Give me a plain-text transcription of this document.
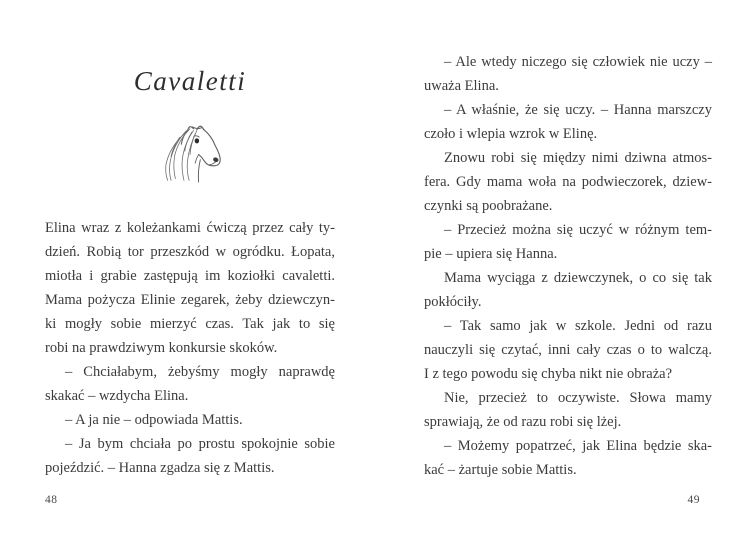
Cavaletti
Elina wraz z koleżankami ćwiczą przez cały ty-
dzień. Robią tor przeszkód w ogródku. Łopata,
miotła i grabie zastępują im koziołki cavaletti.
Mama pożycza Elinie zegarek, żeby dziewczyn-
ki mogły sobie mierzyć czas. Tak jak to się
robi na prawdziwym konkursie skoków.
– Chciałabym, żebyśmy mogły naprawdę
skakać – wzdycha Elina.
– A ja nie – odpowiada Mattis.
– Ja bym chciała po prostu spokojnie sobie
pojeździć. – Hanna zgadza się z Mattis.
48
– Ale wtedy niczego się człowiek nie uczy –
uważa Elina.
– A właśnie, że się uczy. – Hanna marszczy
czoło i wlepia wzrok w Elinę.
Znowu robi się między nimi dziwna atmos-
fera. Gdy mama woła na podwieczorek, dziew-
czynki są poobrażane.
– Przecież można się uczyć w różnym tem-
pie – upiera się Hanna.
Mama wyciąga z dziewczynek, o co się tak
pokłóciły.
– Tak samo jak w szkole. Jedni od razu
nauczyli się czytać, inni cały czas o to walczą.
I z tego powodu się chyba nikt nie obraża?
Nie, przecież to oczywiste. Słowa mamy
sprawiają, że od razu robi się lżej.
– Możemy popatrzeć, jak Elina będzie ska-
kać – żartuje sobie Mattis.
49
